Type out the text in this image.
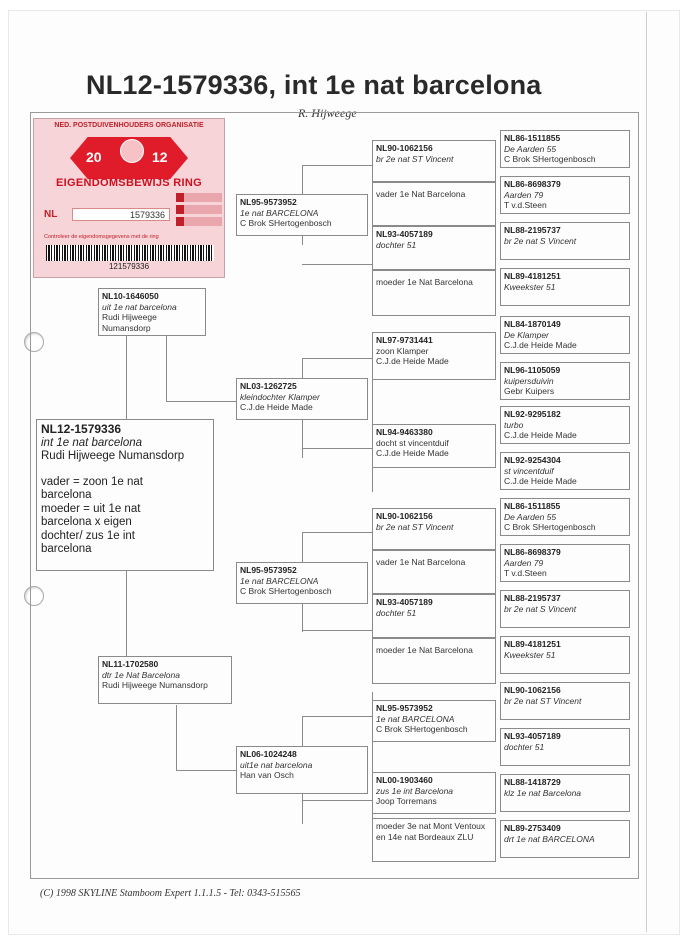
NL12-1579336, int 1e nat barcelona
R. Hijweege
NED. POSTDUIVENHOUDERS ORGANISATIE
20	12
EIGENDOMSBEWIJS RING
NL	1579336
Controleer de eigendomsgegevens met de ring
121579336
NL12-1579336
int 1e nat barcelona
Rudi Hijweege Numansdorp
vader = zoon 1e nat
barcelona
moeder = uit 1e nat
barcelona x eigen
dochter/ zus 1e int
barcelona
NL10-1646050
uit 1e nat barcelona
Rudi Hijweege Numansdorp
NL11-1702580
dtr 1e Nat Barcelona
Rudi Hijweege Numansdorp
NL95-9573952
1e nat BARCELONA
C Brok SHertogenbosch
NL03-1262725
kleindochter Klamper
C.J.de Heide Made
NL95-9573952
1e nat BARCELONA
C Brok SHertogenbosch
NL06-1024248
uit1e nat barcelona
Han van Osch
NL90-1062156
br 2e nat ST Vincent
vader 1e Nat Barcelona
NL93-4057189
dochter 51
moeder 1e Nat Barcelona
NL97-9731441
zoon Klamper
C.J.de Heide Made
NL94-9463380
docht st vincentduif
C.J.de Heide Made
NL90-1062156
br 2e nat ST Vincent
vader 1e Nat Barcelona
NL93-4057189
dochter 51
moeder 1e Nat Barcelona
NL95-9573952
1e nat BARCELONA
C Brok SHertogenbosch
NL00-1903460
zus 1e int Barcelona
Joop Torremans
moeder 3e nat Mont Ventoux en 14e nat Bordeaux ZLU
NL86-1511855
De Aarden 55
C Brok SHertogenbosch
NL86-8698379
Aarden 79
T v.d.Steen
NL88-2195737
br 2e nat S Vincent
NL89-4181251
Kweekster 51
NL84-1870149
De Klamper
C.J.de Heide Made
NL96-1105059
kuipersduivin
Gebr Kuipers
NL92-9295182
turbo
C.J.de Heide Made
NL92-9254304
st vincentduif
C.J.de Heide Made
NL86-1511855
De Aarden 55
C Brok SHertogenbosch
NL86-8698379
Aarden 79
T v.d.Steen
NL88-2195737
br 2e nat S Vincent
NL89-4181251
Kweekster 51
NL90-1062156
br 2e nat ST Vincent
NL93-4057189
dochter 51
NL88-1418729
klz 1e nat Barcelona
NL89-2753409
drt 1e nat BARCELONA
(C) 1998 SKYLINE Stamboom Expert 1.1.1.5 - Tel: 0343-515565
